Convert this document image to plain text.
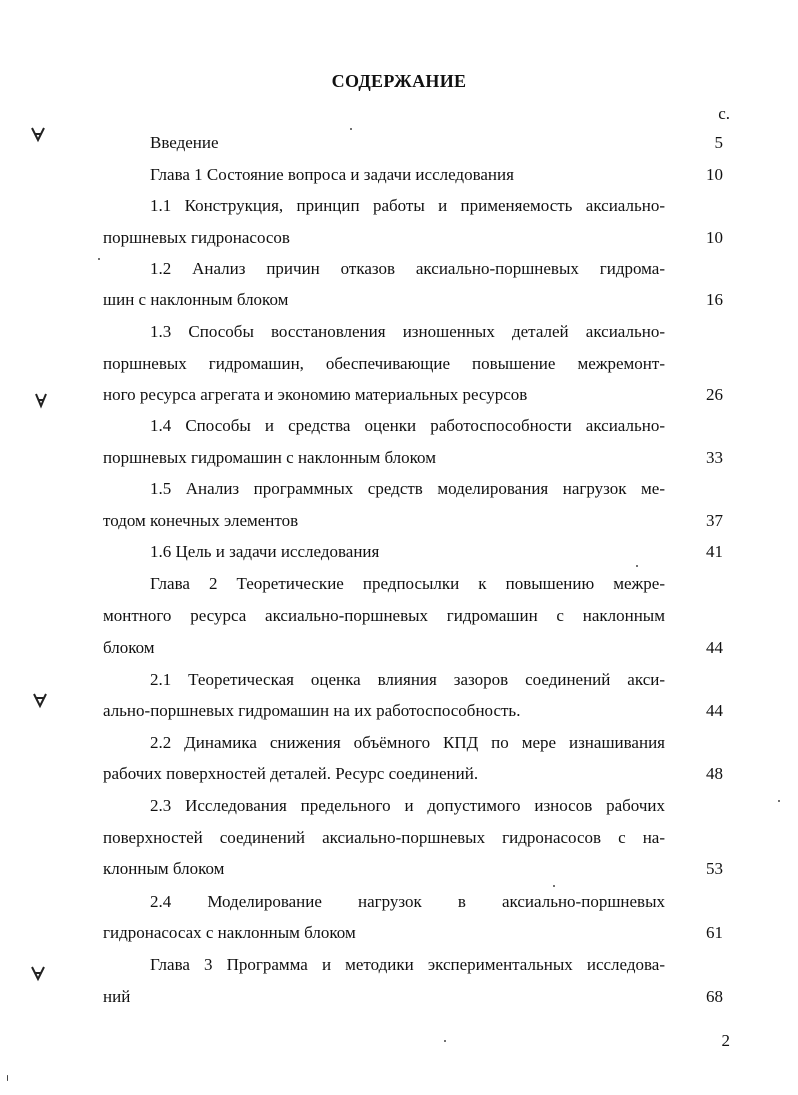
СОДЕРЖАНИЕ
с.
Введение	5
Глава 1 Состояние вопроса и задачи исследования	10
1.1 Конструкция, принцип работы и применяемость аксиально-
поршневых гидронасосов	10
1.2 Анализ причин отказов аксиально-поршневых гидрома-
шин с наклонным блоком	16
1.3 Способы восстановления изношенных деталей аксиально-
поршневых гидромашин, обеспечивающие повышение межремонт-
ного ресурса агрегата и экономию материальных ресурсов	26
1.4 Способы и средства оценки работоспособности аксиально-
поршневых гидромашин с наклонным блоком	33
1.5 Анализ программных средств моделирования нагрузок ме-
тодом конечных элементов	37
1.6 Цель и задачи исследования	41
Глава 2 Теоретические предпосылки к повышению межре-
монтного ресурса аксиально-поршневых гидромашин с наклонным
блоком	44
2.1 Теоретическая оценка влияния зазоров соединений акси-
ально-поршневых гидромашин на их работоспособность.	44
2.2 Динамика снижения объёмного КПД по мере изнашивания
рабочих поверхностей деталей. Ресурс соединений.	48
2.3 Исследования предельного и допустимого износов рабочих
поверхностей соединений аксиально-поршневых гидронасосов с на-
клонным блоком	53
2.4 Моделирование нагрузок в аксиально-поршневых
гидронасосах с наклонным блоком	61
Глава 3 Программа и методики экспериментальных исследова-
ний	68
2
